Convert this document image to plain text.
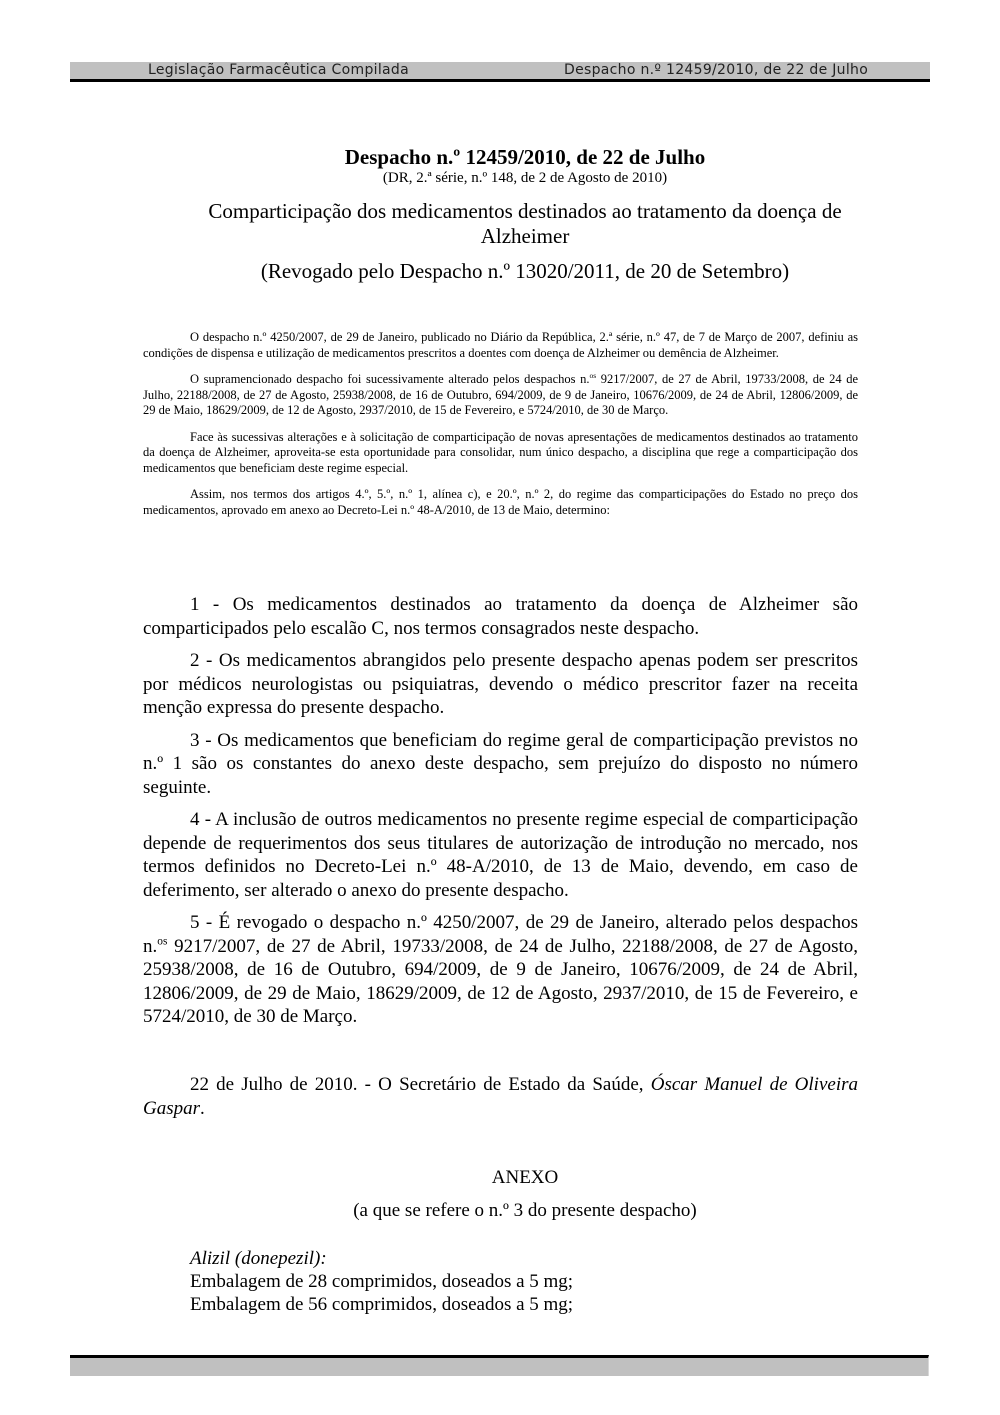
Legislação Farmacêutica Compilada	Despacho n.º 12459/2010, de 22 de Julho
Despacho n.º 12459/2010, de 22 de Julho
(DR, 2.ª série, n.º 148, de 2 de Agosto de 2010)
Comparticipação dos medicamentos destinados ao tratamento da doença de Alzheimer
(Revogado pelo Despacho n.º 13020/2011, de 20 de Setembro)

O despacho n.º 4250/2007, de 29 de Janeiro, publicado no Diário da República, 2.ª série, n.º 47, de 7 de Março de 2007, definiu as condições de dispensa e utilização de medicamentos prescritos a doentes com doença de Alzheimer ou demência de Alzheimer.

O supramencionado despacho foi sucessivamente alterado pelos despachos n.$^{os}$ 9217/2007, de 27 de Abril, 19733/2008, de 24 de Julho, 22188/2008, de 27 de Agosto, 25938/2008, de 16 de Outubro, 694/2009, de 9 de Janeiro, 10676/2009, de 24 de Abril, 12806/2009, de 29 de Maio, 18629/2009, de 12 de Agosto, 2937/2010, de 15 de Fevereiro, e 5724/2010, de 30 de Março.

Face às sucessivas alterações e à solicitação de comparticipação de novas apresentações de medicamentos destinados ao tratamento da doença de Alzheimer, aproveita-se esta oportunidade para consolidar, num único despacho, a disciplina que rege a comparticipação dos medicamentos que beneficiam deste regime especial.

Assim, nos termos dos artigos 4.º, 5.º, n.º 1, alínea c), e 20.º, n.º 2, do regime das comparticipações do Estado no preço dos medicamentos, aprovado em anexo ao Decreto-Lei n.º 48-A/2010, de 13 de Maio, determino:

1 - Os medicamentos destinados ao tratamento da doença de Alzheimer são comparticipados pelo escalão C, nos termos consagrados neste despacho.

2 - Os medicamentos abrangidos pelo presente despacho apenas podem ser prescritos por médicos neurologistas ou psiquiatras, devendo o médico prescritor fazer na receita menção expressa do presente despacho.

3 - Os medicamentos que beneficiam do regime geral de comparticipação previstos no n.º 1 são os constantes do anexo deste despacho, sem prejuízo do disposto no número seguinte.

4 - A inclusão de outros medicamentos no presente regime especial de comparticipação depende de requerimentos dos seus titulares de autorização de introdução no mercado, nos termos definidos no Decreto-Lei n.º 48-A/2010, de 13 de Maio, devendo, em caso de deferimento, ser alterado o anexo do presente despacho.

5 - É revogado o despacho n.º 4250/2007, de 29 de Janeiro, alterado pelos despachos n.$^{os}$ 9217/2007, de 27 de Abril, 19733/2008, de 24 de Julho, 22188/2008, de 27 de Agosto, 25938/2008, de 16 de Outubro, 694/2009, de 9 de Janeiro, 10676/2009, de 24 de Abril, 12806/2009, de 29 de Maio, 18629/2009, de 12 de Agosto, 2937/2010, de 15 de Fevereiro, e 5724/2010, de 30 de Março.

22 de Julho de 2010. - O Secretário de Estado da Saúde, Óscar Manuel de Oliveira Gaspar.

ANEXO
(a que se refere o n.º 3 do presente despacho)
Alizil (donepezil):
Embalagem de 28 comprimidos, doseados a 5 mg;
Embalagem de 56 comprimidos, doseados a 5 mg;
